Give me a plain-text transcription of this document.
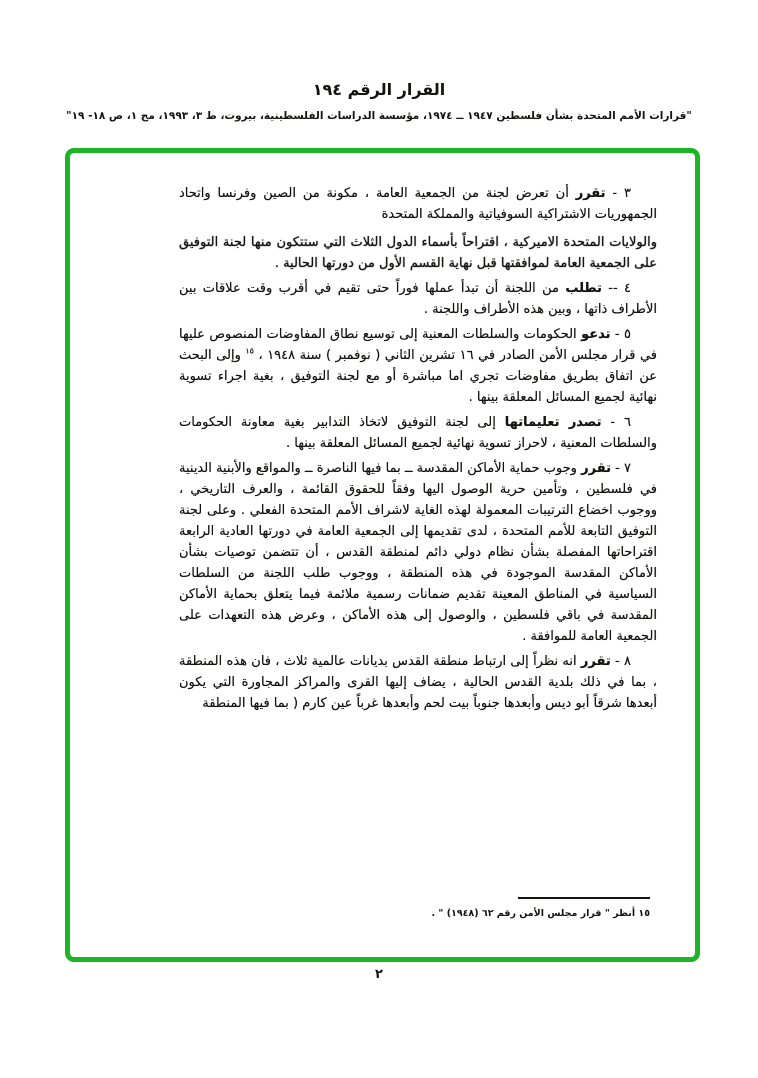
القرار الرقم ١٩٤
"قرارات الأمم المتحدة بشأن فلسطين ١٩٤٧ ــ ١٩٧٤، مؤسسة الدراسات الفلسطينية، بيروت، ط ٣، ١٩٩٣، مج ١، ص ١٨- ١٩"

٣ - تقرر أن تعرض لجنة من الجمعية العامة ، مكونة من الصين وفرنسا واتحاد الجمهوريات الاشتراكية السوفياتية والمملكة المتحدة
والولايات المتحدة الاميركية ، اقتراحاً بأسماء الدول الثلاث التي ستتكون منها لجنة التوفيق على الجمعية العامة لموافقتها قبل نهاية القسم الأول من دورتها الحالية .

٤ -- تطلب من اللجنة أن تبدأ عملها فوراً حتى تقيم في أقرب وقت علاقات بين الأطراف ذاتها ، وبين هذه الأطراف واللجنة .

٥ - تدعو الحكومات والسلطات المعنية إلى توسيع نطاق المفاوضات المنصوص عليها في قرار مجلس الأمن الصادر في ١٦ تشرين الثاني ( نوفمبر ) سنة ١٩٤٨ ، $^{١٥}$ وإلى البحث عن اتفاق بطريق مفاوضات تجري اما مباشرة أو مع لجنة التوفيق ، بغية اجراء تسوية نهائية لجميع المسائل المعلقة بينها .

٦ - تصدر تعليماتها إلى لجنة التوفيق لاتخاذ التدابير بغية معاونة الحكومات والسلطات المعنية ، لاحراز تسوية نهائية لجميع المسائل المعلقة بينها .

٧ - تقرر وجوب حماية الأماكن المقدسة ــ بما فيها الناصرة ــ والمواقع والأبنية الدينية في فلسطين ، وتأمين حرية الوصول اليها وفقاً للحقوق القائمة ، والعرف التاريخي ، ووجوب اخضاع الترتيبات المعمولة لهذه الغاية لاشراف الأمم المتحدة الفعلي . وعلى لجنة التوفيق التابعة للأمم المتحدة ، لدى تقديمها إلى الجمعية العامة في دورتها العادية الرابعة اقتراحاتها المفصلة بشأن نظام دولي دائم لمنطقة القدس ، أن تتضمن توصيات بشأن الأماكن المقدسة الموجودة في هذه المنطقة ، ووجوب طلب اللجنة من السلطات السياسية في المناطق المعينة تقديم ضمانات رسمية ملائمة فيما يتعلق بحماية الأماكن المقدسة في باقي فلسطين ، والوصول إلى هذه الأماكن ، وعرض هذه التعهدات على الجمعية العامة للموافقة .

٨ - تقرر انه نظراً إلى ارتباط منطقة القدس بديانات عالمية ثلاث ، فان هذه المنطقة ، بما في ذلك بلدية القدس الحالية ، يضاف إليها القرى والمراكز المجاورة التي يكون أبعدها شرقاً أبو ديس وأبعدها جنوباً بيت لحم وأبعدها غرباً عين كارم ( بما فيها المنطقة

١٥ أنظر " قرار مجلس الأمن رقم ٦٢ (١٩٤٨) " .
٢
